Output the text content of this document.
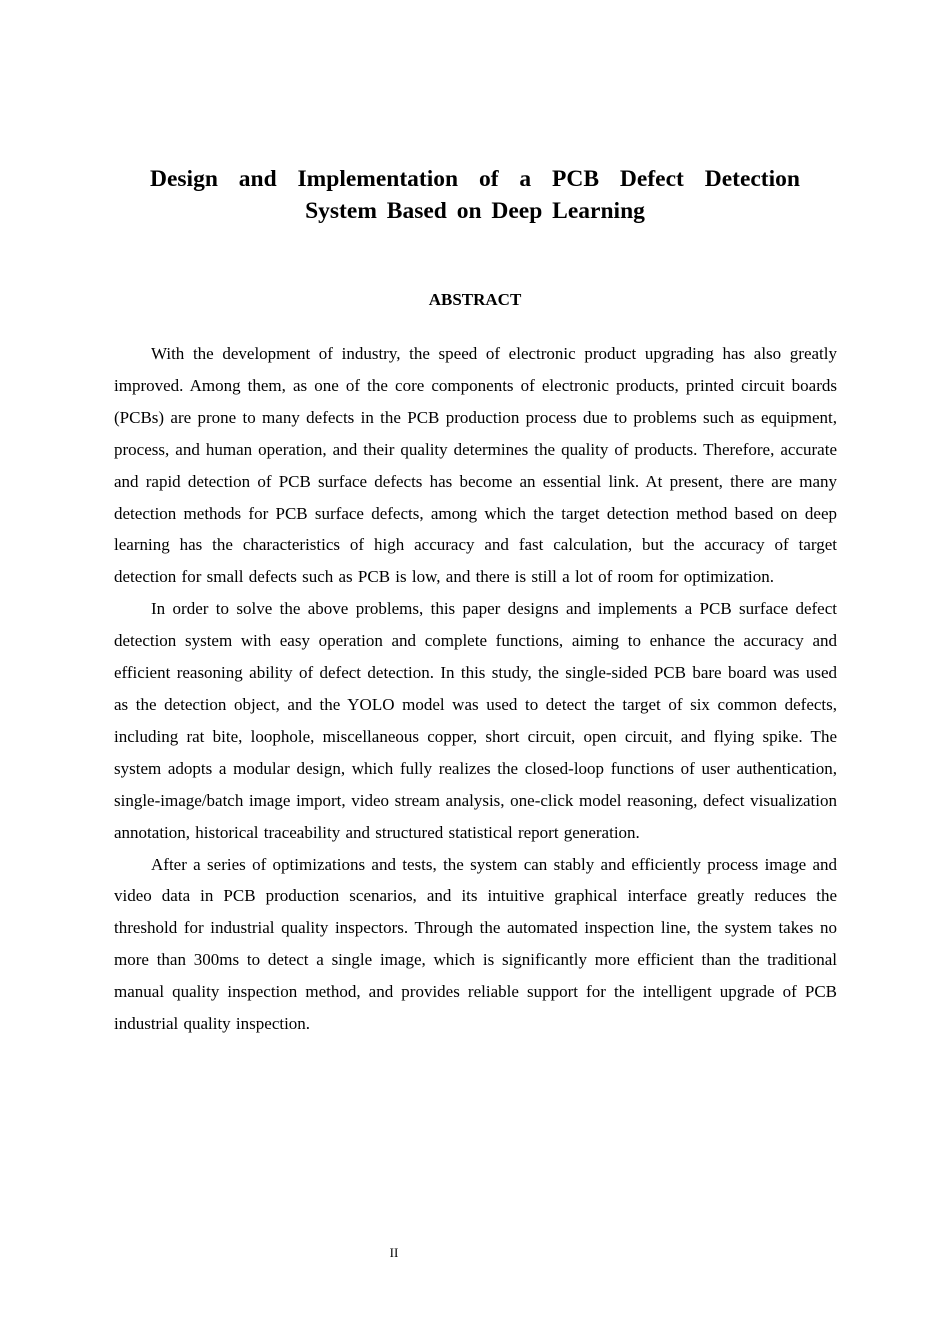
Design and Implementation of a PCB Defect Detection System Based on Deep Learning
ABSTRACT

With the development of industry, the speed of electronic product upgrading has also greatly improved. Among them, as one of the core components of electronic products, printed circuit boards (PCBs) are prone to many defects in the PCB production process due to problems such as equipment, process, and human operation, and their quality determines the quality of products. Therefore, accurate and rapid detection of PCB surface defects has become an essential link. At present, there are many detection methods for PCB surface defects, among which the target detection method based on deep learning has the characteristics of high accuracy and fast calculation, but the accuracy of target detection for small defects such as PCB is low, and there is still a lot of room for optimization.

In order to solve the above problems, this paper designs and implements a PCB surface defect detection system with easy operation and complete functions, aiming to enhance the accuracy and efficient reasoning ability of defect detection. In this study, the single-sided PCB bare board was used as the detection object, and the YOLO model was used to detect the target of six common defects, including rat bite, loophole, miscellaneous copper, short circuit, open circuit, and flying spike. The system adopts a modular design, which fully realizes the closed-loop functions of user authentication, single-image/batch image import, video stream analysis, one-click model reasoning, defect visualization annotation, historical traceability and structured statistical report generation.

After a series of optimizations and tests, the system can stably and efficiently process image and video data in PCB production scenarios, and its intuitive graphical interface greatly reduces the threshold for industrial quality inspectors. Through the automated inspection line, the system takes no more than 300ms to detect a single image, which is significantly more efficient than the traditional manual quality inspection method, and provides reliable support for the intelligent upgrade of PCB industrial quality inspection.

II
